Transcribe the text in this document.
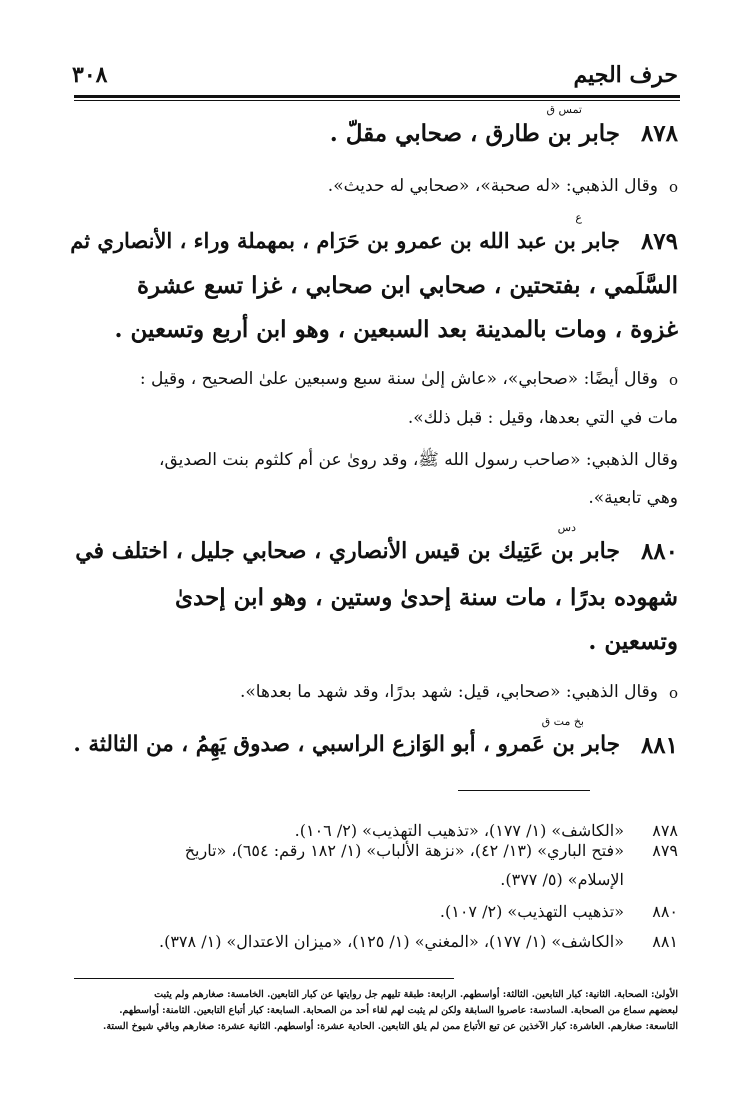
حرف الجيم
٣٠٨
تمس ق
٨٧٨
جابر بن طارق ، صحابي مقلّ .
o
وقال الذهبي: «له صحبة»، «صحابي له حديث».
ع
٨٧٩
جابر بن عبد الله بن عمرو بن حَرَام ، بمهملة وراء ، الأنصاري ثم
السَّلَمي ، بفتحتين ، صحابي ابن صحابي ، غزا تسع عشرة
غزوة ، ومات بالمدينة بعد السبعين ، وهو ابن أربع وتسعين .
o
وقال أيضًا: «صحابي»، «عاش إلىٰ سنة سبع وسبعين علىٰ الصحيح ، وقيل :
مات في التي بعدها، وقيل : قبل ذلك».
وقال الذهبي: «صاحب رسول الله ﷺ، وقد روىٰ عن أم كلثوم بنت الصديق،
وهي تابعية».
دس
٨٨٠
جابر بن عَتِيك بن قيس الأنصاري ، صحابي جليل ، اختلف في
شهوده بدرًا ، مات سنة إحدىٰ وستين ، وهو ابن إحدىٰ
وتسعين .
o
وقال الذهبي: «صحابي، قيل: شهد بدرًا، وقد شهد ما بعدها».
بخ مت ق
٨٨١
جابر بن عَمرو ، أبو الوَازع الراسبي ، صدوق يَهِمُ ، من الثالثة .
٨٧٨
«الكاشف» (١/ ١٧٧)، «تذهيب التهذيب» (٢/ ١٠٦).
٨٧٩
«فتح الباري» (١٣/ ٤٢)، «نزهة الألباب» (١/ ١٨٢ رقم: ٦٥٤)، «تاريخ
الإسلام» (٥/ ٣٧٧).
٨٨٠
«تذهيب التهذيب» (٢/ ١٠٧).
٨٨١
«الكاشف» (١/ ١٧٧)، «المغني» (١/ ١٢٥)، «ميزان الاعتدال» (١/ ٣٧٨).
الأولىٰ: الصحابة. الثانية: كبار التابعين. الثالثة: أواسطهم. الرابعة: طبقة تليهم جل روايتها عن كبار التابعين. الخامسة: صغارهم ولم يثبت
لبعضهم سماع من الصحابة. السادسة: عاصروا السابقة ولكن لم يثبت لهم لقاء أحد من الصحابة. السابعة: كبار أتباع التابعين. الثامنة: أواسطهم.
التاسعة: صغارهم. العاشرة: كبار الآخذين عن تبع الأتباع ممن لم يلق التابعين. الحادية عشرة: أواسطهم. الثانية عشرة: صغارهم وباقي شيوخ الستة.
